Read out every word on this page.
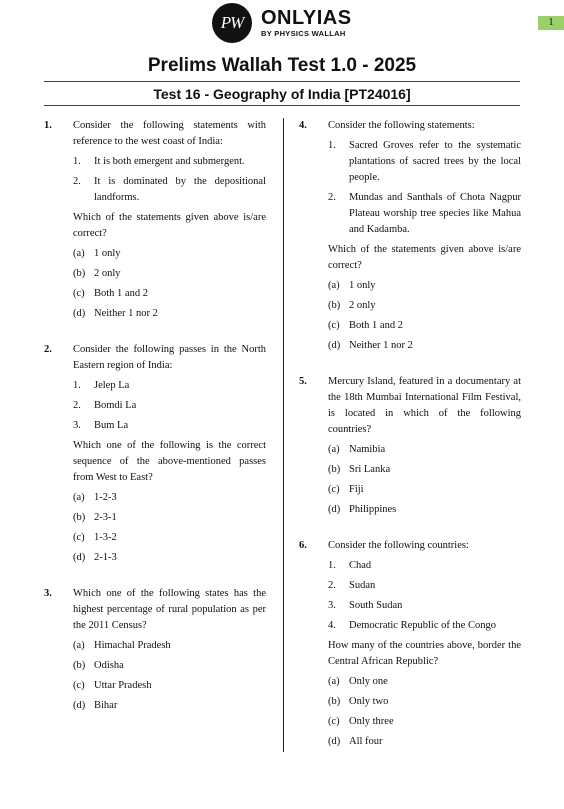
PW ONLYIAS
BY PHYSICS WALLAH
1
Prelims Wallah Test 1.0 - 2025
Test 16 - Geography of India [PT24016]
1. Consider the following statements with reference to the west coast of India:
1.	It is both emergent and submergent.
2.	It is dominated by the depositional landforms.
Which of the statements given above is/are correct?
(a) 1 only
(b) 2 only
(c) Both 1 and 2
(d) Neither 1 nor 2
2. Consider the following passes in the North Eastern region of India:
1.	Jelep La
2.	Bomdi La
3.	Bum La
Which one of the following is the correct sequence of the above-mentioned passes from West to East?
(a) 1-2-3
(b) 2-3-1
(c) 1-3-2
(d) 2-1-3
3. Which one of the following states has the highest percentage of rural population as per the 2011 Census?
(a) Himachal Pradesh
(b) Odisha
(c) Uttar Pradesh
(d) Bihar
4. Consider the following statements:
1.	Sacred Groves refer to the systematic plantations of sacred trees by the local people.
2.	Mundas and Santhals of Chota Nagpur Plateau worship tree species like Mahua and Kadamba.
Which of the statements given above is/are correct?
(a) 1 only
(b) 2 only
(c) Both 1 and 2
(d) Neither 1 nor 2
5. Mercury Island, featured in a documentary at the 18th Mumbai International Film Festival, is located in which of the following countries?
(a) Namibia
(b) Sri Lanka
(c) Fiji
(d) Philippines
6. Consider the following countries:
1.	Chad
2.	Sudan
3.	South Sudan
4.	Democratic Republic of the Congo
How many of the countries above, border the Central African Republic?
(a) Only one
(b) Only two
(c) Only three
(d) All four
